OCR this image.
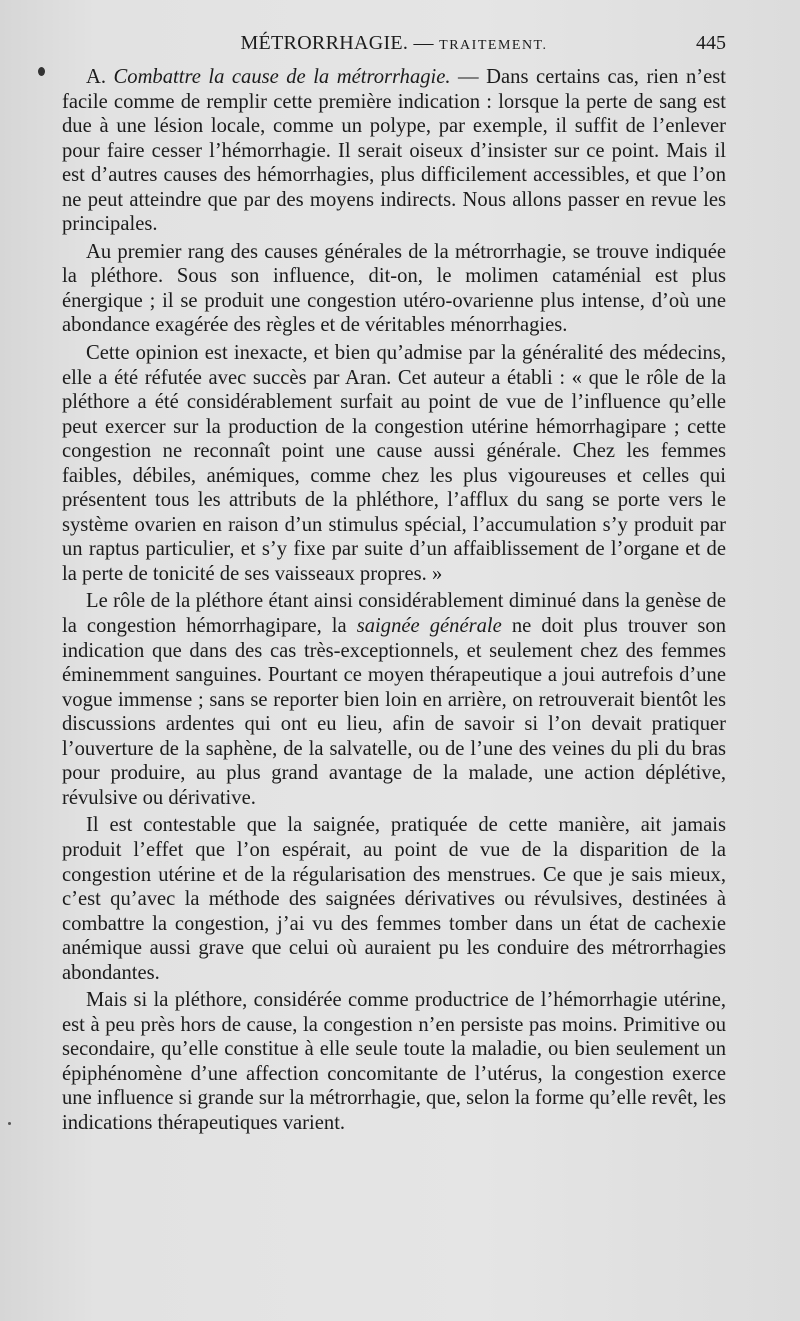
MÉTRORRHAGIE. — TRAITEMENT.	445

A. Combattre la cause de la métrorrhagie. — Dans certains cas, rien n’est facile comme de remplir cette première indication : lorsque la perte de sang est due à une lésion locale, comme un polype, par exemple, il suffit de l’enlever pour faire cesser l’hémorrhagie. Il serait oiseux d’insister sur ce point. Mais il est d’autres causes des hémorrhagies, plus difficilement accessibles, et que l’on ne peut atteindre que par des moyens indirects. Nous allons passer en revue les principales.

Au premier rang des causes générales de la métrorrhagie, se trouve indiquée la pléthore. Sous son influence, dit-on, le molimen cataménial est plus énergique ; il se produit une congestion utéro-ovarienne plus intense, d’où une abondance exagérée des règles et de véritables ménorrhagies.

Cette opinion est inexacte, et bien qu’admise par la généralité des médecins, elle a été réfutée avec succès par Aran. Cet auteur a établi : « que le rôle de la pléthore a été considérablement surfait au point de vue de l’influence qu’elle peut exercer sur la production de la congestion utérine hémorrhagipare ; cette congestion ne reconnaît point une cause aussi générale. Chez les femmes faibles, débiles, anémiques, comme chez les plus vigoureuses et celles qui présentent tous les attributs de la phléthore, l’afflux du sang se porte vers le système ovarien en raison d’un stimulus spécial, l’accumulation s’y produit par un raptus particulier, et s’y fixe par suite d’un affaiblissement de l’organe et de la perte de tonicité de ses vaisseaux propres. »

Le rôle de la pléthore étant ainsi considérablement diminué dans la genèse de la congestion hémorrhagipare, la saignée générale ne doit plus trouver son indication que dans des cas très-exceptionnels, et seulement chez des femmes éminemment sanguines. Pourtant ce moyen thérapeutique a joui autrefois d’une vogue immense ; sans se reporter bien loin en arrière, on retrouverait bientôt les discussions ardentes qui ont eu lieu, afin de savoir si l’on devait pratiquer l’ouverture de la saphène, de la salvatelle, ou de l’une des veines du pli du bras pour produire, au plus grand avantage de la malade, une action déplétive, révulsive ou dérivative.

Il est contestable que la saignée, pratiquée de cette manière, ait jamais produit l’effet que l’on espérait, au point de vue de la disparition de la congestion utérine et de la régularisation des menstrues. Ce que je sais mieux, c’est qu’avec la méthode des saignées dérivatives ou révulsives, destinées à combattre la congestion, j’ai vu des femmes tomber dans un état de cachexie anémique aussi grave que celui où auraient pu les conduire des métrorrhagies abondantes.

Mais si la pléthore, considérée comme productrice de l’hémorrhagie utérine, est à peu près hors de cause, la congestion n’en persiste pas moins. Primitive ou secondaire, qu’elle constitue à elle seule toute la maladie, ou bien seulement un épiphénomène d’une affection concomitante de l’utérus, la congestion exerce une influence si grande sur la métrorrhagie, que, selon la forme qu’elle revêt, les indications thérapeutiques varient.
